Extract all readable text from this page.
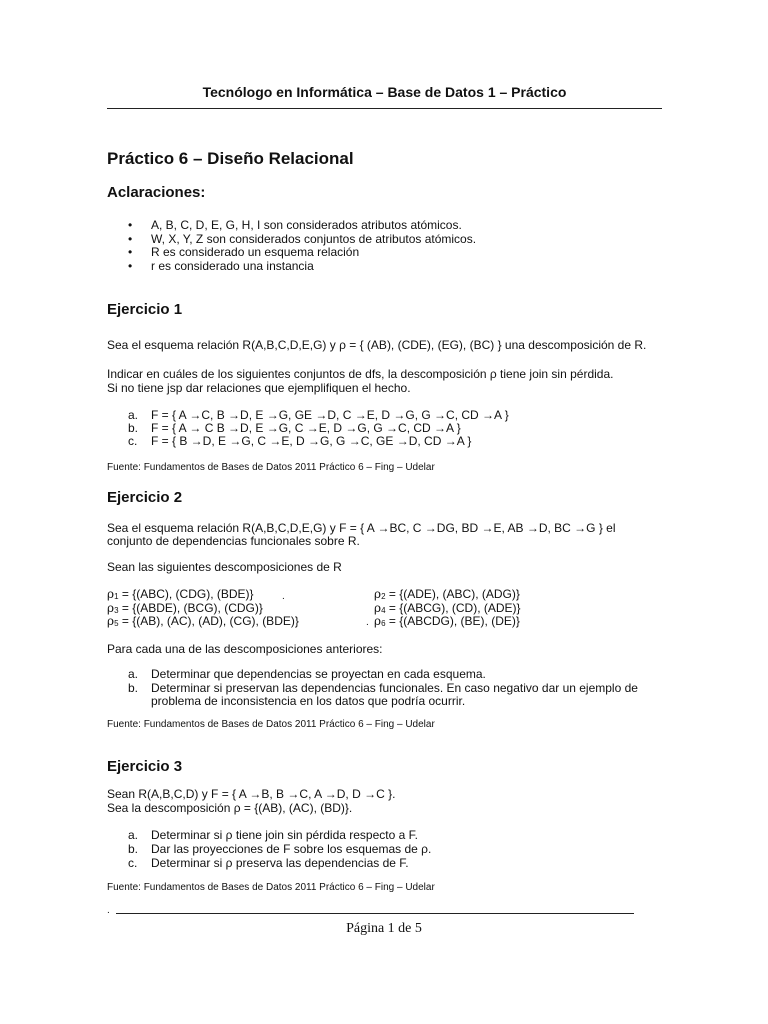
Tecnólogo en Informática – Base de Datos 1 – Práctico
Práctico 6 – Diseño Relacional
Aclaraciones:
A, B, C, D, E, G, H, I son considerados atributos atómicos.
W, X, Y, Z son considerados conjuntos de atributos atómicos.
R es considerado un esquema relación
r es considerado una instancia
Ejercicio 1
Sea el esquema relación R(A,B,C,D,E,G) y ρ = { (AB), (CDE), (EG), (BC) } una descomposición de R.
Indicar en cuáles de los siguientes conjuntos de dfs, la descomposición ρ tiene join sin pérdida.
Si no tiene jsp dar relaciones que ejemplifiquen el hecho.
a. F = { A →C, B →D, E →G, GE →D, C →E, D →G, G →C, CD →A }
b. F = { A → C B →D, E →G, C →E, D →G, G →C, CD →A }
c. F = { B →D, E →G, C →E, D →G, G →C, GE →D, CD →A }
Fuente: Fundamentos de Bases de Datos 2011 Práctico 6 – Fing – Udelar
Ejercicio 2
Sea el esquema relación R(A,B,C,D,E,G) y F = { A →BC, C →DG, BD →E, AB →D, BC →G } el
conjunto de dependencias funcionales sobre R.
Sean las siguientes descomposiciones de R
ρ1 = {(ABC), (CDG), (BDE)}	ρ2 = {(ADE), (ABC), (ADG)}
.
ρ3 = {(ABDE), (BCG), (CDG)}	ρ4 = {(ABCG), (CD), (ADE)}
ρ5 = {(AB), (AC), (AD), (CG), (BDE)}	ρ6 = {(ABCDG), (BE), (DE)}
.
Para cada una de las descomposiciones anteriores:
a. Determinar que dependencias se proyectan en cada esquema.
b. Determinar si preservan las dependencias funcionales. En caso negativo dar un ejemplo de
problema de inconsistencia en los datos que podría ocurrir.
Fuente: Fundamentos de Bases de Datos 2011 Práctico 6 – Fing – Udelar
Ejercicio 3
Sean R(A,B,C,D) y F = { A →B, B →C, A →D, D →C }.
Sea la descomposición ρ = {(AB), (AC), (BD)}.
a. Determinar si ρ tiene join sin pérdida respecto a F.
b. Dar las proyecciones de F sobre los esquemas de ρ.
c. Determinar si ρ preserva las dependencias de F.
Fuente: Fundamentos de Bases de Datos 2011 Práctico 6 – Fing – Udelar
.
Página 1 de 5
